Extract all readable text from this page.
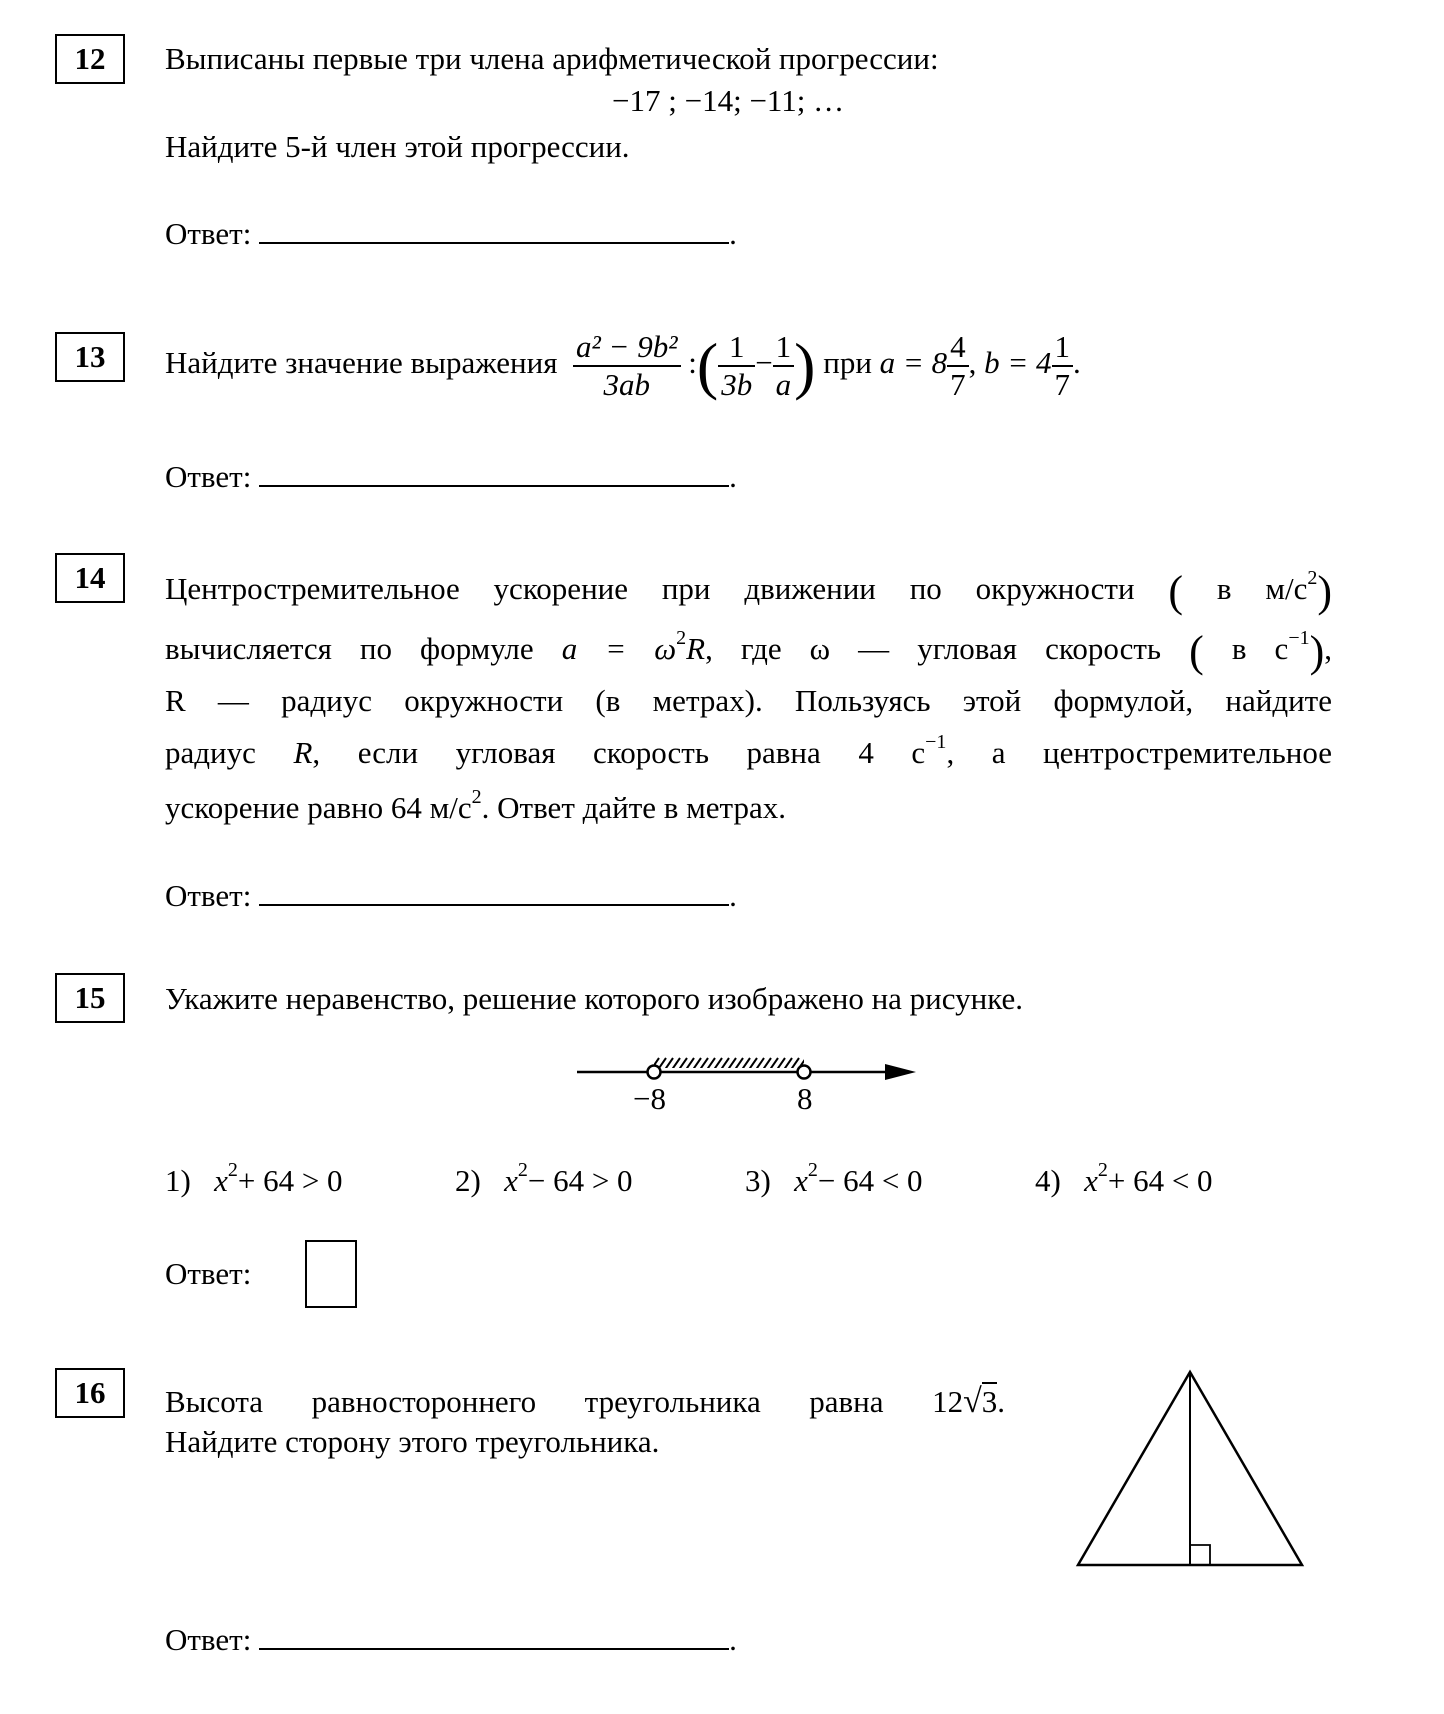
12	Выписаны первые три члена арифметической прогрессии:
−17 ; −14; −11; …
Найдите 5-й член этой прогрессии.
Ответ:	.
13	Найдите значение выражения $\frac{\text{a² − 9b²}}{3ab}$ :( $\frac{1}{3b} - \frac{1}{a}$ ) при $a = 8 \frac{4}{7}$ , $b = 4 \frac{1}{7}$ .
Ответ:	.
14	Центростремительное ускорение при движении по окружности ( в $м/с^2$)
вычисляется по формуле $a = \omega^2R$, где ω — угловая скорость ( в $с^{-1}$),
R — радиус окружности (в метрах). Пользуясь этой формулой, найдите
радиус R, если угловая скорость равна 4 $с^{-1}$, а центростремительное
ускорение равно 64 $м/с^2$. Ответ дайте в метрах.
Ответ:	.
15	Укажите неравенство, решение которого изображено на рисунке.
−8	8
1) $x^2+ 64 > 0$	2) $x^2- 64 > 0$	3) $x^2- 64 < 0$	4) $x^2+ 64 < 0$
Ответ:
16	Высота равностороннего треугольника равна 12√3.
Найдите сторону этого треугольника.
Ответ:	.
